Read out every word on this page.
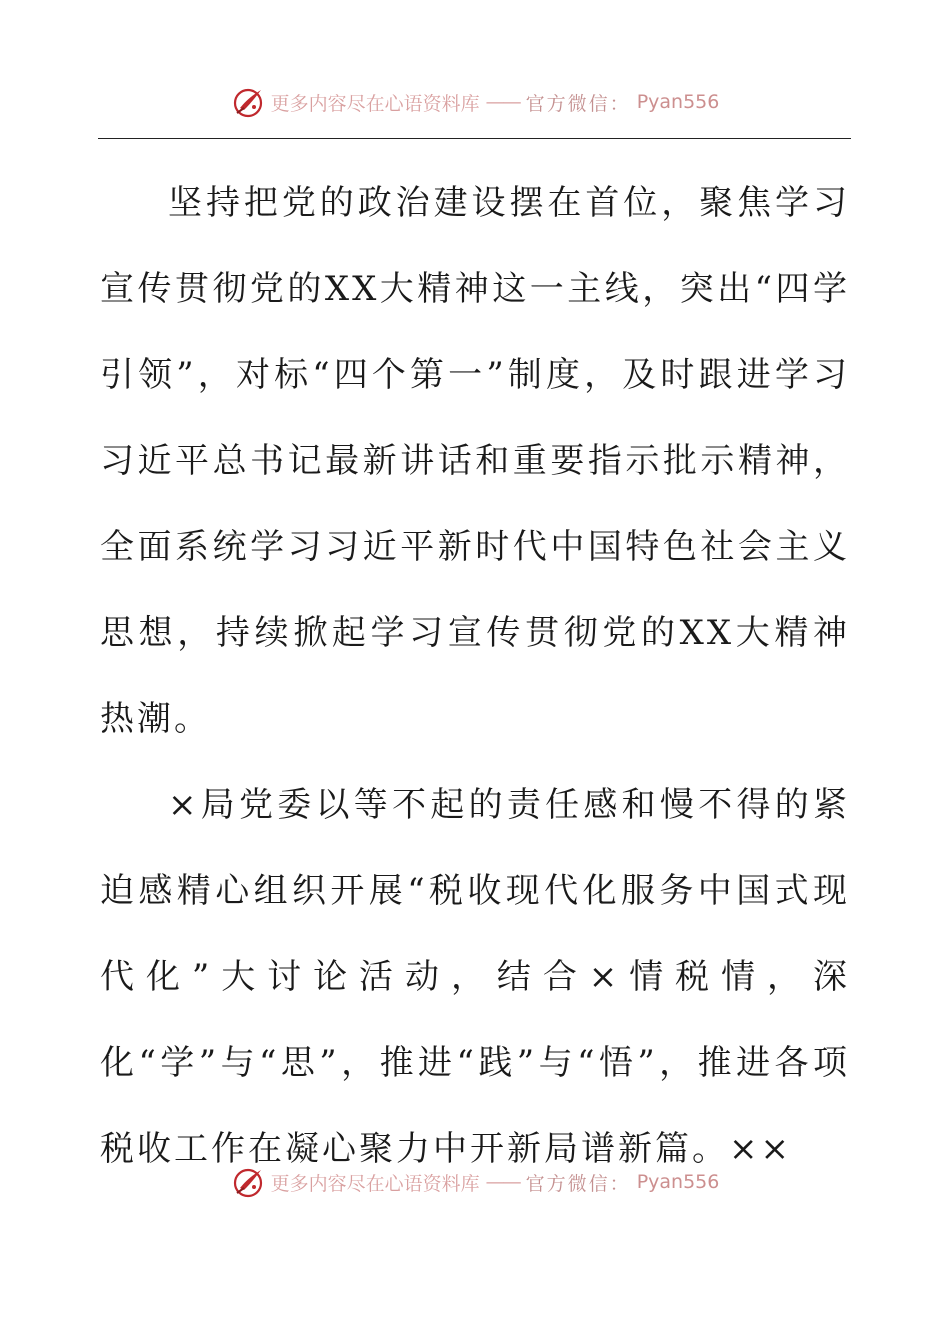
更多内容尽在心语资料库 —— 官方微信： Pyan556

坚持把党的政治建设摆在首位，聚焦学习宣传贯彻党的XX大精神这一主线，突出“四学引领”，对标“四个第一”制度，及时跟进学习习近平总书记最新讲话和重要指示批示精神，全面系统学习习近平新时代中国特色社会主义思想，持续掀起学习宣传贯彻党的XX大精神热潮。

×局党委以等不起的责任感和慢不得的紧迫感精心组织开展“税收现代化服务中国式现代化”大讨论活动，结合×情税情，深化“学”与“思”，推进“践”与“悟”，推进各项税收工作在凝心聚力中开新局谱新篇。××

更多内容尽在心语资料库 —— 官方微信： Pyan556
